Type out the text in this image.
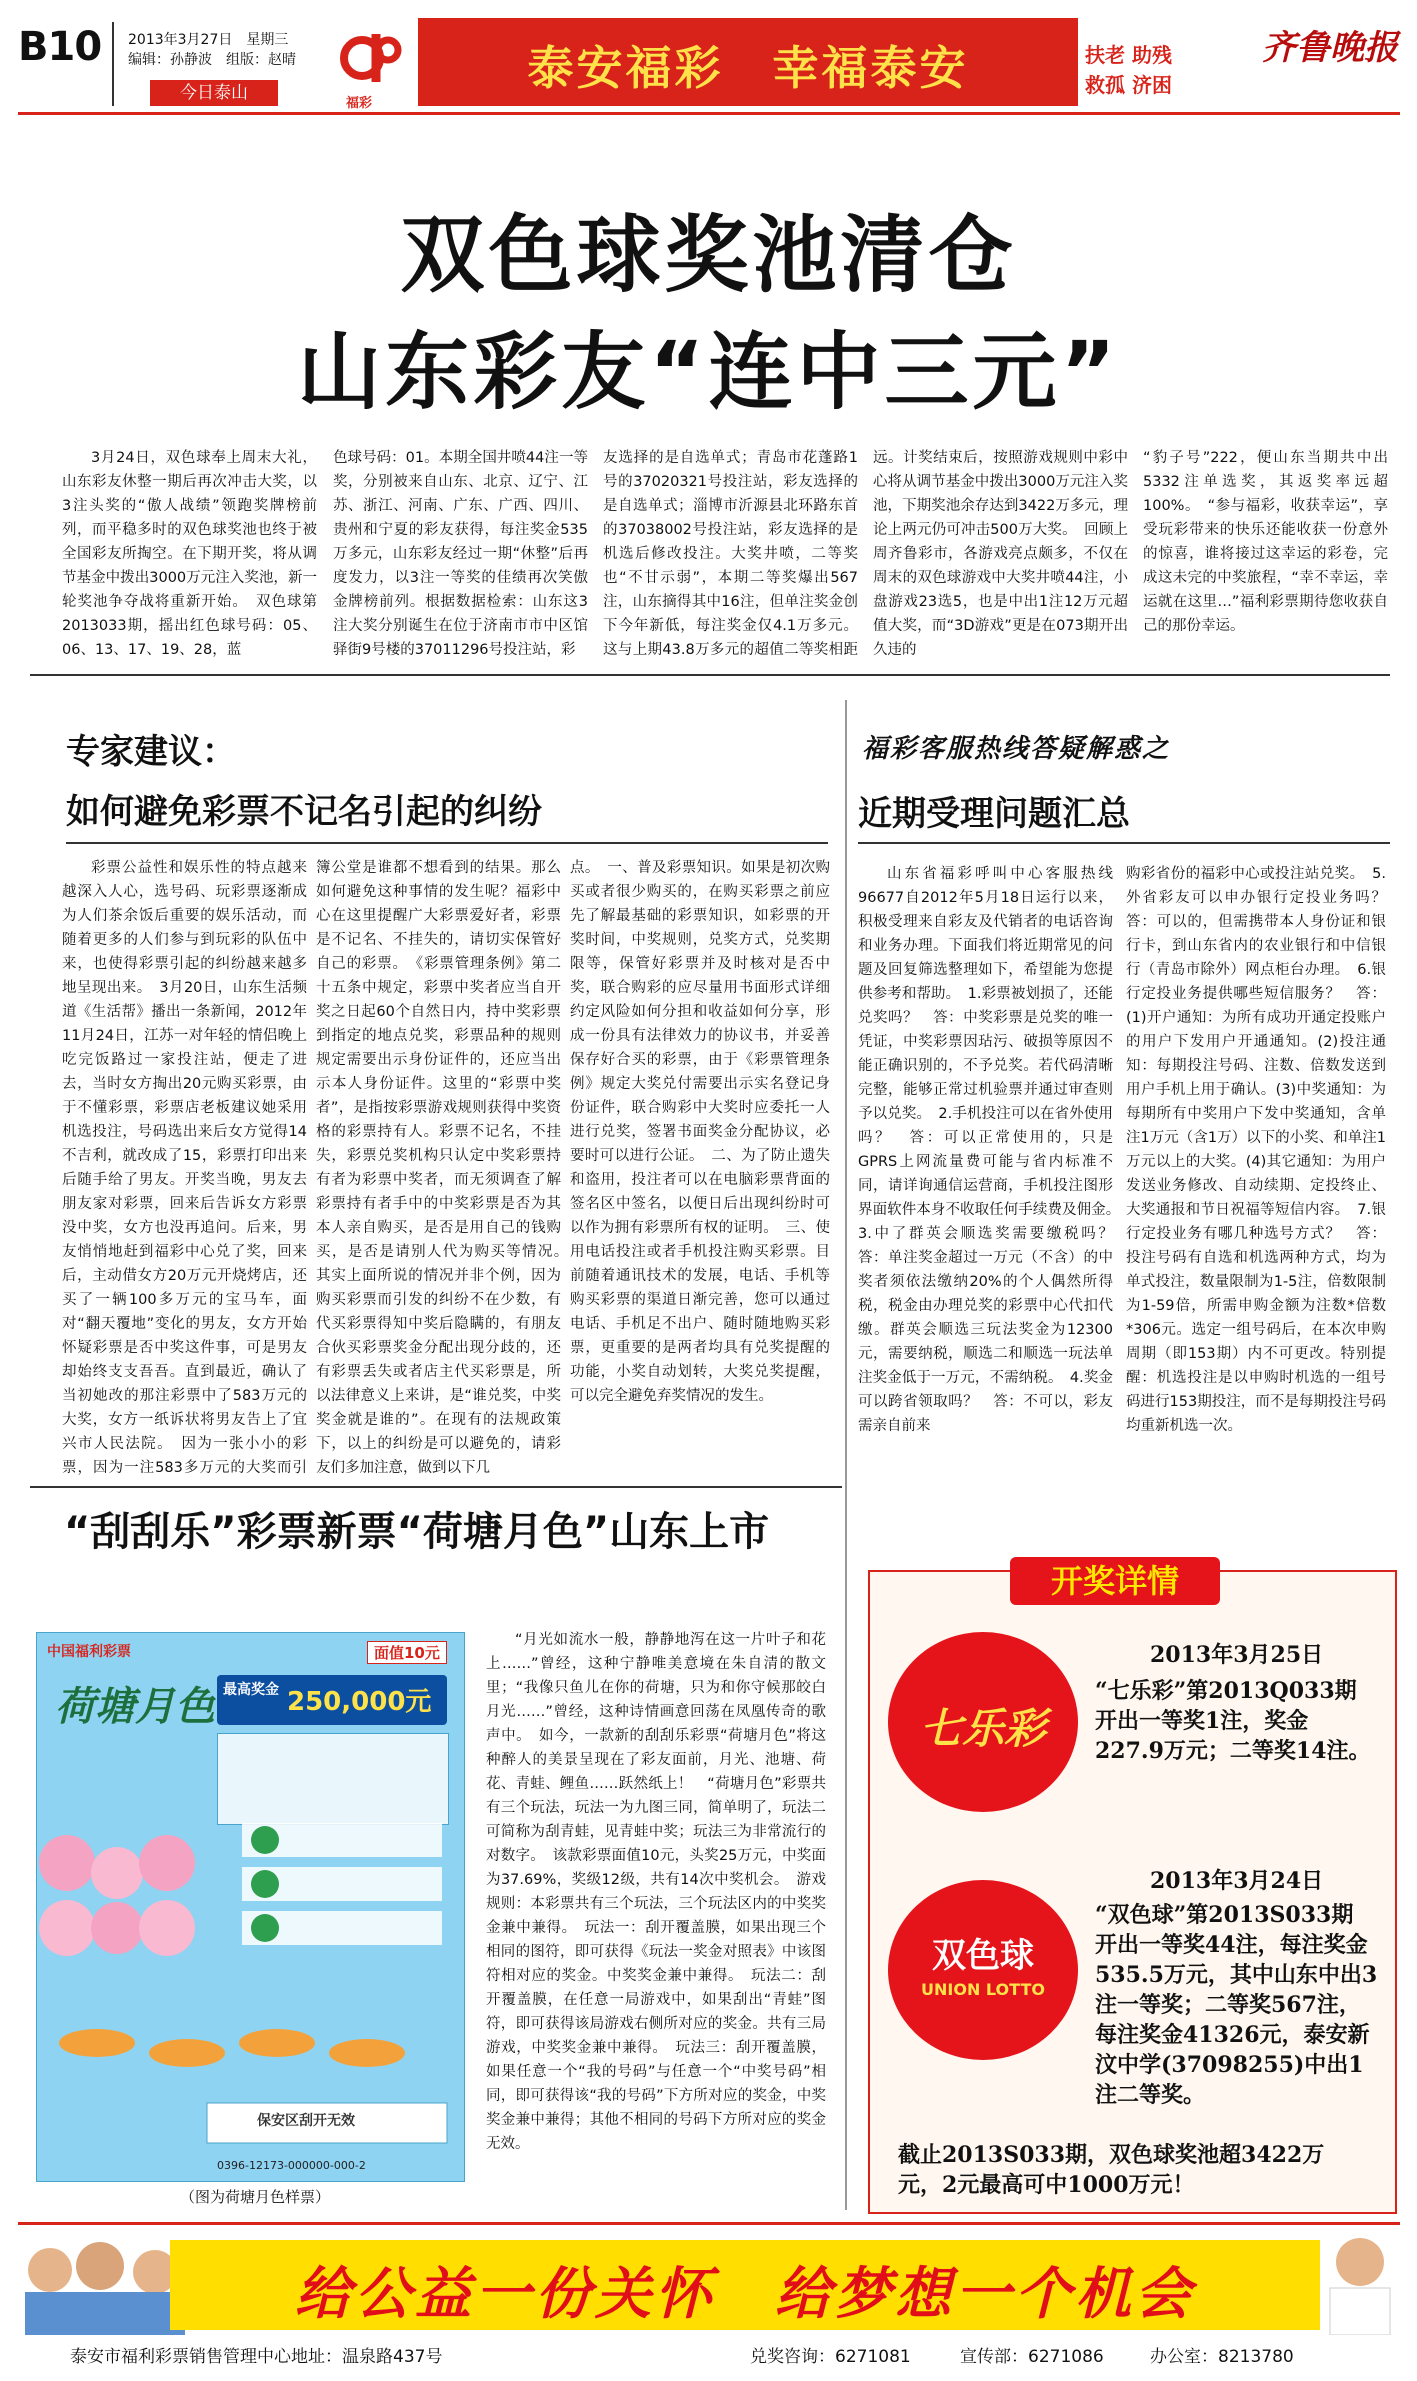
B10 2013年3月27日　星期三
编辑：孙静波　组版：赵晴
今日泰山
福彩
泰安福彩　幸福泰安	扶老 助残
救孤 济困
齐鲁晚报
双色球奖池清仓
山东彩友“连中三元”

3月24日，双色球奉上周末大礼，山东彩友休整一期后再次冲击大奖，以3注头奖的“傲人战绩”领跑奖牌榜前列，而平稳多时的双色球奖池也终于被全国彩友所掏空。在下期开奖，将从调节基金中拨出3000万元注入奖池，新一轮奖池争夺战将重新开始。　双色球第2013033期，摇出红色球号码：05、06、13、17、19、28，蓝

色球号码：01。本期全国井喷44注一等奖，分别被来自山东、北京、辽宁、江苏、浙江、河南、广东、广西、四川、贵州和宁夏的彩友获得，每注奖金535万多元，山东彩友经过一期“休整”后再度发力，以3注一等奖的佳绩再次笑傲金牌榜前列。根据数据检索：山东这3注大奖分别诞生在位于济南市市中区馆驿街9号楼的37011296号投注站，彩

友选择的是自选单式；青岛市花蓬路1号的37020321号投注站，彩友选择的是自选单式；淄博市沂源县北环路东首的37038002号投注站，彩友选择的是机选后修改投注。大奖井喷，二等奖也“不甘示弱”，本期二等奖爆出567注，山东摘得其中16注，但单注奖金创下今年新低，每注奖金仅4.1万多元。这与上期43.8万多元的超值二等奖相距

远。计奖结束后，按照游戏规则中彩中心将从调节基金中拨出3000万元注入奖池，下期奖池余存达到3422万多元，理论上两元仍可冲击500万大奖。　回顾上周齐鲁彩市，各游戏亮点颇多，不仅在周末的双色球游戏中大奖井喷44注，小盘游戏23选5，也是中出1注12万元超值大奖，而“3D游戏”更是在073期开出久违的

“豹子号”222，便山东当期共中出5332注单选奖，其返奖率远超100%。　“参与福彩，收获幸运”，享受玩彩带来的快乐还能收获一份意外的惊喜，谁将接过这幸运的彩卷，完成这未完的中奖旅程，“幸不幸运，幸运就在这里…”福利彩票期待您收获自己的那份幸运。

专家建议：
如何避免彩票不记名引起的纠纷

彩票公益性和娱乐性的特点越来越深入人心，选号码、玩彩票逐渐成为人们茶余饭后重要的娱乐活动，而随着更多的人们参与到玩彩的队伍中来，也使得彩票引起的纠纷越来越多地呈现出来。　3月20日，山东生活频道《生活帮》播出一条新闻，2012年11月24日，江苏一对年轻的情侣晚上吃完饭路过一家投注站，便走了进去，当时女方掏出20元购买彩票，由于不懂彩票，彩票店老板建议她采用机选投注，号码选出来后女方觉得14不吉利，就改成了15，彩票打印出来后随手给了男友。开奖当晚，男友去朋友家对彩票，回来后告诉女方彩票没中奖，女方也没再追问。后来，男友悄悄地赶到福彩中心兑了奖，回来后，主动借女方20万元开烧烤店，还买了一辆100多万元的宝马车，面对“翻天覆地”变化的男友，女方开始怀疑彩票是否中奖这件事，可是男友却始终支支吾吾。直到最近，确认了当初她改的那注彩票中了583万元的大奖，女方一纸诉状将男友告上了宜兴市人民法院。　因为一张小小的彩票，因为一注583多万元的大奖而引

簿公堂是谁都不想看到的结果。那么如何避免这种事情的发生呢？福彩中心在这里提醒广大彩票爱好者，彩票是不记名、不挂失的，请切实保管好自己的彩票。　《彩票管理条例》第二十五条中规定，彩票中奖者应当自开奖之日起60个自然日内，持中奖彩票到指定的地点兑奖，彩票品种的规则规定需要出示身份证件的，还应当出示本人身份证件。这里的“彩票中奖者”，是指按彩票游戏规则获得中奖资格的彩票持有人。彩票不记名，不挂失，彩票兑奖机构只认定中奖彩票持有者为彩票中奖者，而无须调查了解彩票持有者手中的中奖彩票是否为其本人亲自购买，是否是用自己的钱购买，是否是请别人代为购买等情况。　其实上面所说的情况并非个例，因为购买彩票而引发的纠纷不在少数，有代买彩票得知中奖后隐瞒的，有朋友合伙买彩票奖金分配出现分歧的，还有彩票丢失或者店主代买彩票是，所以法律意义上来讲，是“谁兑奖，中奖奖金就是谁的”。在现有的法规政策下，以上的纠纷是可以避免的，请彩友们多加注意，做到以下几

点。　一、普及彩票知识。如果是初次购买或者很少购买的，在购买彩票之前应先了解最基础的彩票知识，如彩票的开奖时间，中奖规则，兑奖方式，兑奖期限等，保管好彩票并及时核对是否中奖，联合购彩的应尽量用书面形式详细约定风险如何分担和收益如何分享，形成一份具有法律效力的协议书，并妥善保存好合买的彩票，由于《彩票管理条例》规定大奖兑付需要出示实名登记身份证件，联合购彩中大奖时应委托一人进行兑奖，签署书面奖金分配协议，必要时可以进行公证。　二、为了防止遗失和盗用，投注者可以在电脑彩票背面的签名区中签名，以便日后出现纠纷时可以作为拥有彩票所有权的证明。　三、使用电话投注或者手机投注购买彩票。目前随着通讯技术的发展，电话、手机等购买彩票的渠道日渐完善，您可以通过电话、手机足不出户、随时随地购买彩票，更重要的是两者均具有兑奖提醒的功能，小奖自动划转，大奖兑奖提醒，可以完全避免弃奖情况的发生。

福彩客服热线答疑解惑之
近期受理问题汇总

山东省福彩呼叫中心客服热线96677自2012年5月18日运行以来，积极受理来自彩友及代销者的电话咨询和业务办理。下面我们将近期常见的问题及回复筛选整理如下，希望能为您提供参考和帮助。　1.彩票被划损了，还能兑奖吗？　答：中奖彩票是兑奖的唯一凭证，中奖彩票因玷污、破损等原因不能正确识别的，不予兑奖。若代码清晰完整，能够正常过机验票并通过审查则予以兑奖。　2.手机投注可以在省外使用吗？　答：可以正常使用的，只是GPRS上网流量费可能与省内标准不同，请详询通信运营商，手机投注图形界面软件本身不收取任何手续费及佣金。　3.中了群英会顺选奖需要缴税吗？　答：单注奖金超过一万元（不含）的中奖者须依法缴纳20%的个人偶然所得税，税金由办理兑奖的彩票中心代扣代缴。群英会顺选三玩法奖金为12300元，需要纳税，顺选二和顺选一玩法单注奖金低于一万元，不需纳税。　4.奖金可以跨省领取吗？　答：不可以，彩友需亲自前来

购彩省份的福彩中心或投注站兑奖。　5.外省彩友可以申办银行定投业务吗？　答：可以的，但需携带本人身份证和银行卡，到山东省内的农业银行和中信银行（青岛市除外）网点柜台办理。　6.银行定投业务提供哪些短信服务？　答：(1)开户通知：为所有成功开通定投账户的用户下发用户开通通知。(2)投注通知：每期投注号码、注数、倍数发送到用户手机上用于确认。(3)中奖通知：为每期所有中奖用户下发中奖通知，含单注1万元（含1万）以下的小奖、和单注1万元以上的大奖。(4)其它通知：为用户发送业务修改、自动续期、定投终止、大奖通报和节日祝福等短信内容。　7.银行定投业务有哪几种选号方式？　答：投注号码有自选和机选两种方式，均为单式投注，数量限制为1-5注，倍数限制为1-59倍，所需申购金额为注数*倍数*306元。选定一组号码后，在本次申购周期（即153期）内不可更改。特别提醒：机选投注是以申购时机选的一组号码进行153期投注，而不是每期投注号码均重新机选一次。

“刮刮乐”彩票新票“荷塘月色”山东上市
中国福利彩票	面值10元
荷塘月色 最高奖金 250,000元
保安区刮开无效
0396-12173-000000-000-2
（图为荷塘月色样票）

“月光如流水一般，静静地泻在这一片叶子和花上……”曾经，这种宁静唯美意境在朱自清的散文里；“我像只鱼儿在你的荷塘，只为和你守候那皎白月光……”曾经，这种诗情画意回荡在凤凰传奇的歌声中。　如今，一款新的刮刮乐彩票“荷塘月色”将这种醉人的美景呈现在了彩友面前，月光、池塘、荷花、青蛙、鲤鱼……跃然纸上！　“荷塘月色”彩票共有三个玩法，玩法一为九图三同，简单明了，玩法二可简称为刮青蛙，见青蛙中奖；玩法三为非常流行的对数字。　该款彩票面值10元，头奖25万元，中奖面为37.69%，奖级12级，共有14次中奖机会。　游戏规则：本彩票共有三个玩法，三个玩法区内的中奖奖金兼中兼得。　玩法一：刮开覆盖膜，如果出现三个相同的图符，即可获得《玩法一奖金对照表》中该图符相对应的奖金。中奖奖金兼中兼得。　玩法二：刮开覆盖膜，在任意一局游戏中，如果刮出“青蛙”图符，即可获得该局游戏右侧所对应的奖金。共有三局游戏，中奖奖金兼中兼得。　玩法三：刮开覆盖膜，如果任意一个“我的号码”与任意一个“中奖号码”相同，即可获得该“我的号码”下方所对应的奖金，中奖奖金兼中兼得；其他不相同的号码下方所对应的奖金无效。

开奖详情
七乐彩
2013年3月25日
“七乐彩”第2013Q033期　开出一等奖1注，奖金227.9万元；二等奖14注。
双色球
UNION LOTTO
2013年3月24日
“双色球”第2013S033期　开出一等奖44注，每注奖金535.5万元，其中山东中出3注一等奖；二等奖567注，每注奖金41326元，泰安新汶中学(37098255)中出1注二等奖。
截止2013S033期，双色球奖池超3422万元，2元最高可中1000万元！
给公益一份关怀　给梦想一个机会
泰安市福利彩票销售管理中心地址：温泉路437号	兑奖咨询：6271081	宣传部：6271086	办公室：8213780
